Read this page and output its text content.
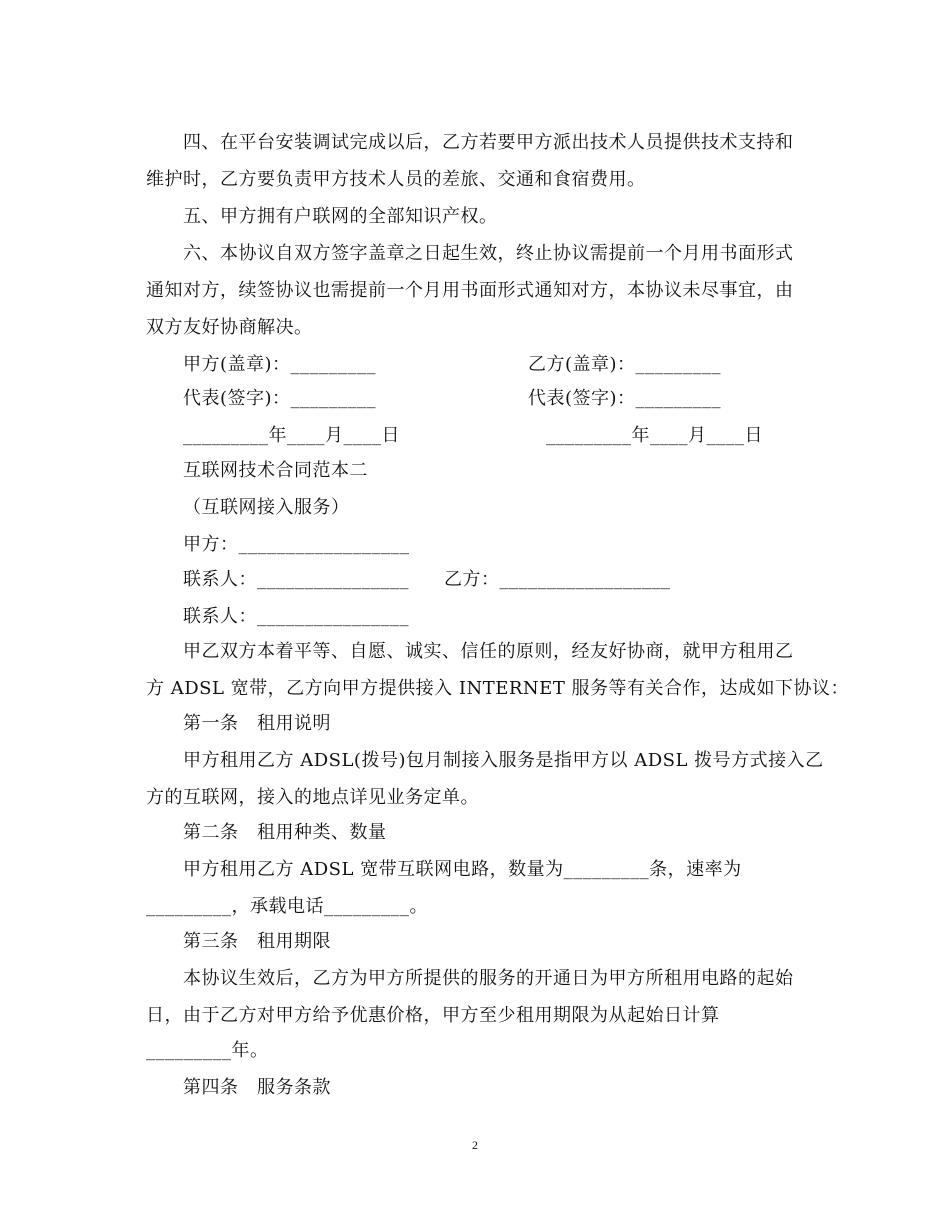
四、在平台安装调试完成以后，乙方若要甲方派出技术人员提供技术支持和
维护时，乙方要负责甲方技术人员的差旅、交通和食宿费用。
五、甲方拥有户联网的全部知识产权。
六、本协议自双方签字盖章之日起生效，终止协议需提前一个月用书面形式
通知对方，续签协议也需提前一个月用书面形式通知对方，本协议未尽事宜，由
双方友好协商解决。
甲方(盖章)：_________	乙方(盖章)：_________
代表(签字)：_________	代表(签字)：_________
_________年____月____日	_________年____月____日
互联网技术合同范本二
（互联网接入服务）
甲方：__________________
联系人：________________ 乙方：__________________
联系人：________________
甲乙双方本着平等、自愿、诚实、信任的原则，经友好协商，就甲方租用乙
方 ADSL 宽带，乙方向甲方提供接入 INTERNET 服务等有关合作，达成如下协议：
第一条　租用说明
甲方租用乙方 ADSL(拨号)包月制接入服务是指甲方以 ADSL 拨号方式接入乙
方的互联网，接入的地点详见业务定单。
第二条　租用种类、数量
甲方租用乙方 ADSL 宽带互联网电路，数量为_________条，速率为
_________，承载电话_________。
第三条　租用期限
本协议生效后，乙方为甲方所提供的服务的开通日为甲方所租用电路的起始
日，由于乙方对甲方给予优惠价格，甲方至少租用期限为从起始日计算
_________年。
第四条　服务条款
2
